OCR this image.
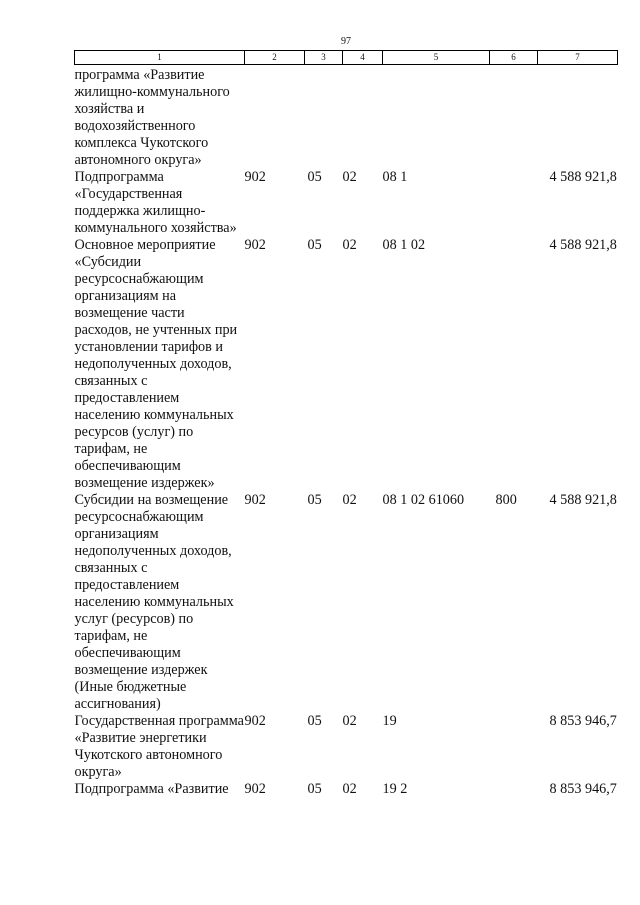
97
1	2	3	4	5	6	7
программа «Развитие жилищно-коммунального хозяйства и водохозяйственного комплекса Чукотского автономного округа»						
Подпрограмма «Государственная поддержка жилищно-коммунального хозяйства»	902	05	02	08 1		4 588 921,8
Основное мероприятие «Субсидии ресурсоснабжающим организациям на возмещение части расходов, не учтенных при установлении тарифов и недополученных доходов, связанных с предоставлением населению коммунальных ресурсов (услуг) по тарифам, не обеспечивающим возмещение издержек»	902	05	02	08 1 02		4 588 921,8
Субсидии на возмещение ресурсоснабжающим организациям недополученных доходов, связанных с предоставлением населению коммунальных услуг (ресурсов) по тарифам, не обеспечивающим возмещение издержек (Иные бюджетные ассигнования)	902	05	02	08 1 02 61060	800	4 588 921,8
Государственная программа «Развитие энергетики Чукотского автономного округа»	902	05	02	19		8 853 946,7
Подпрограмма «Развитие	902	05	02	19 2		8 853 946,7
